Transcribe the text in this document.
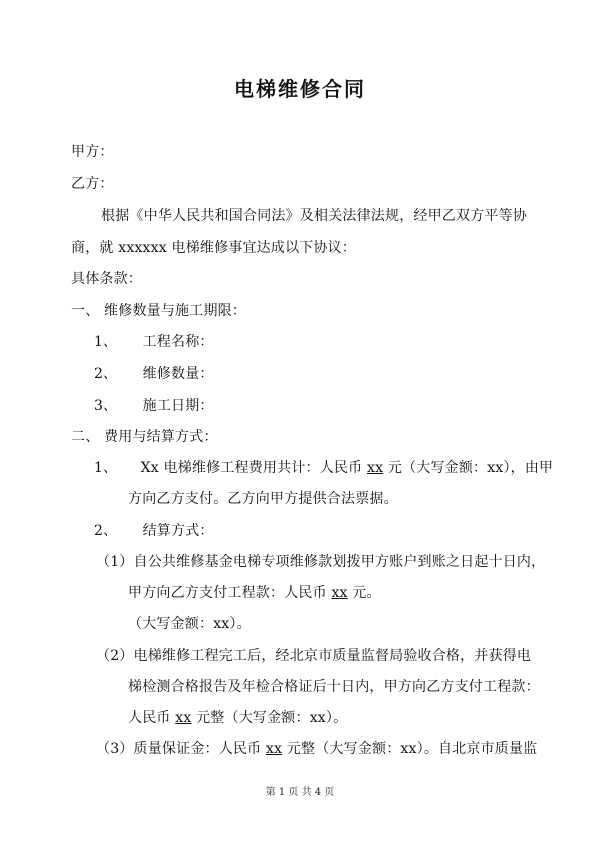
电梯维修合同
甲方：
乙方：
根据《中华人民共和国合同法》及相关法律法规，经甲乙双方平等协
商，就 xxxxxx 电梯维修事宜达成以下协议：
具体条款：
一、 维修数量与施工期限：
1、 工程名称：
2、 维修数量：
3、 施工日期：
二、 费用与结算方式：
1、 Xx 电梯维修工程费用共计：人民币 xx 元（大写金额：xx），由甲
方向乙方支付。乙方向甲方提供合法票据。
2、 结算方式：
（1）自公共维修基金电梯专项维修款划拨甲方账户到账之日起十日内，
甲方向乙方支付工程款：人民币 xx 元。
（大写金额：xx）。
（2）电梯维修工程完工后，经北京市质量监督局验收合格，并获得电
梯检测合格报告及年检合格证后十日内，甲方向乙方支付工程款：
人民币 xx 元整（大写金额：xx）。
（3）质量保证金：人民币 xx 元整（大写金额：xx）。自北京市质量监
第 1 页 共 4 页
